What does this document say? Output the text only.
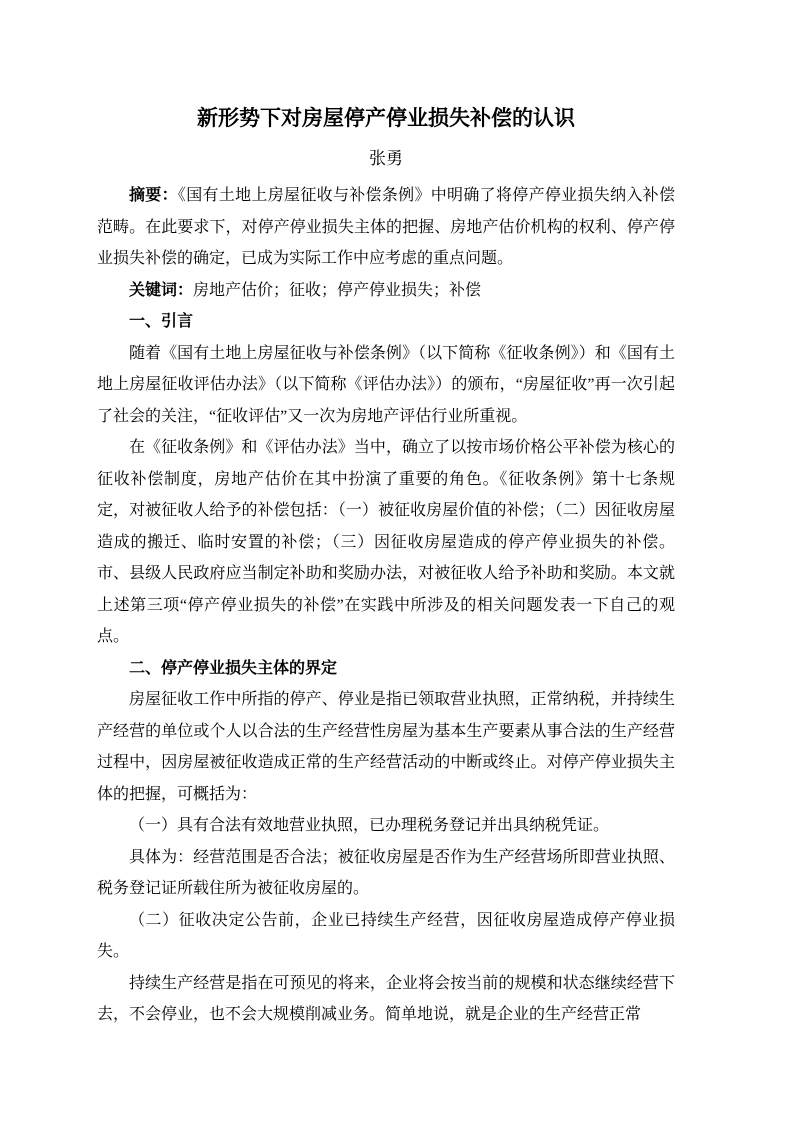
新形势下对房屋停产停业损失补偿的认识
张勇

摘要：《国有土地上房屋征收与补偿条例》中明确了将停产停业损失纳入补偿范畴。在此要求下，对停产停业损失主体的把握、房地产估价机构的权利、停产停业损失补偿的确定，已成为实际工作中应考虑的重点问题。

关键词：房地产估价；征收；停产停业损失；补偿

一、引言

随着《国有土地上房屋征收与补偿条例》（以下简称《征收条例》）和《国有土地上房屋征收评估办法》（以下简称《评估办法》）的颁布，“房屋征收”再一次引起了社会的关注，“征收评估”又一次为房地产评估行业所重视。

在《征收条例》和《评估办法》当中，确立了以按市场价格公平补偿为核心的征收补偿制度，房地产估价在其中扮演了重要的角色。《征收条例》第十七条规定，对被征收人给予的补偿包括：（一）被征收房屋价值的补偿；（二）因征收房屋造成的搬迁、临时安置的补偿；（三）因征收房屋造成的停产停业损失的补偿。市、县级人民政府应当制定补助和奖励办法，对被征收人给予补助和奖励。本文就上述第三项“停产停业损失的补偿”在实践中所涉及的相关问题发表一下自己的观点。

二、停产停业损失主体的界定

房屋征收工作中所指的停产、停业是指已领取营业执照，正常纳税，并持续生产经营的单位或个人以合法的生产经营性房屋为基本生产要素从事合法的生产经营过程中，因房屋被征收造成正常的生产经营活动的中断或终止。对停产停业损失主体的把握，可概括为：

（一）具有合法有效地营业执照，已办理税务登记并出具纳税凭证。

具体为：经营范围是否合法；被征收房屋是否作为生产经营场所即营业执照、税务登记证所载住所为被征收房屋的。

（二）征收决定公告前，企业已持续生产经营，因征收房屋造成停产停业损失。

持续生产经营是指在可预见的将来，企业将会按当前的规模和状态继续经营下去，不会停业，也不会大规模削减业务。简单地说，就是企业的生产经营正常
